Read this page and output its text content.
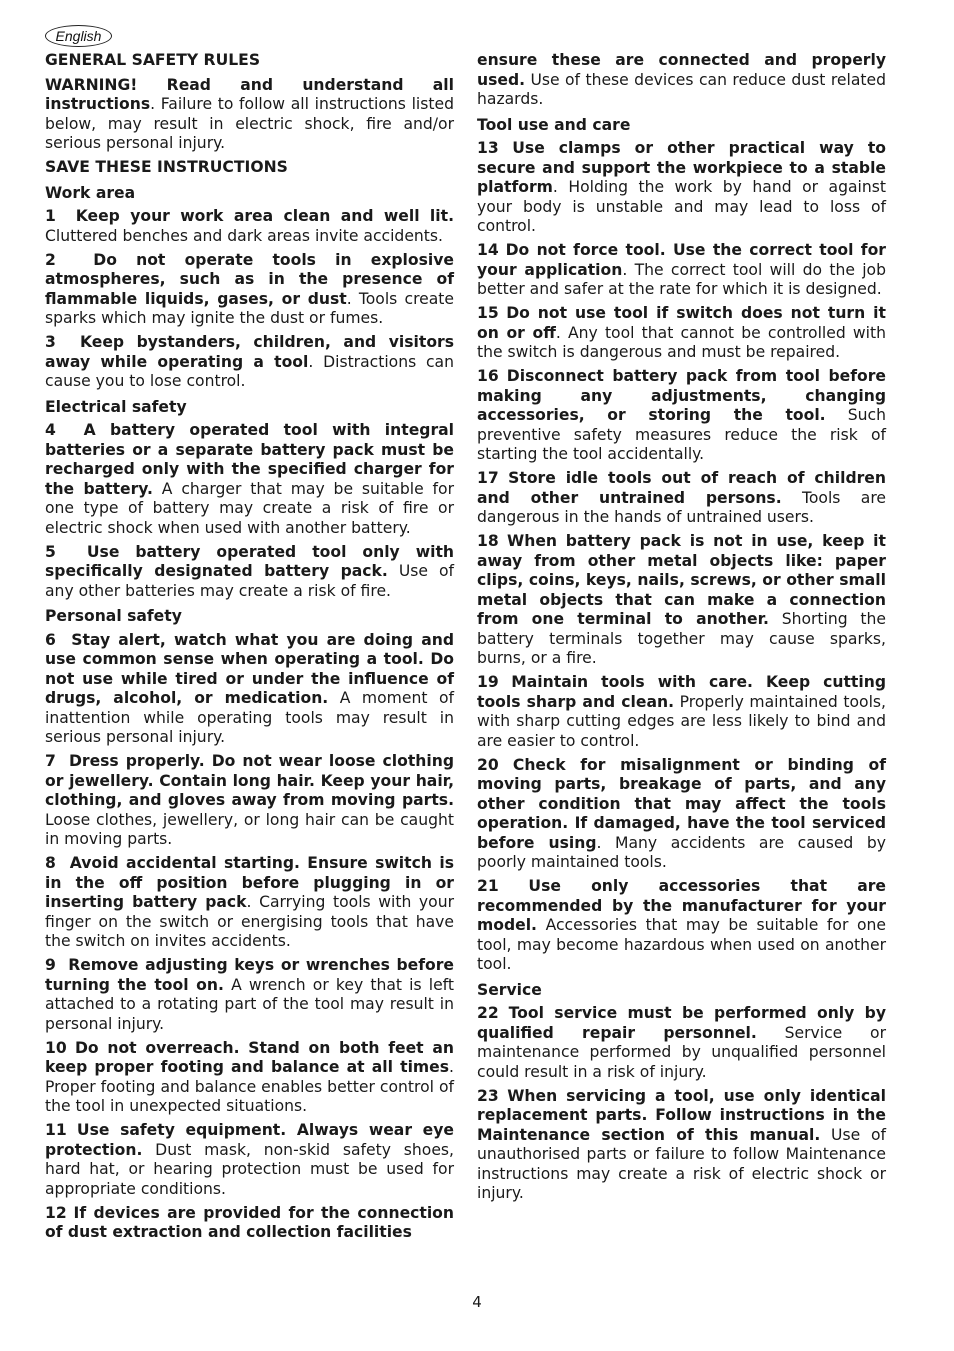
English
GENERAL SAFETY RULES

WARNING! Read and understand all instructions. Failure to follow all instructions listed below, may result in electric shock, fire and/or serious personal injury.

SAVE THESE INSTRUCTIONS
Work area

1 Keep your work area clean and well lit. Cluttered benches and dark areas invite accidents.

2 Do not operate tools in explosive atmospheres, such as in the presence of flammable liquids, gases, or dust. Tools create sparks which may ignite the dust or fumes.

3 Keep bystanders, children, and visitors away while operating a tool. Distractions can cause you to lose control.

Electrical safety

4 A battery operated tool with integral batteries or a separate battery pack must be recharged only with the specified charger for the battery. A charger that may be suitable for one type of battery may create a risk of fire or electric shock when used with another battery.

5 Use battery operated tool only with specifically designated battery pack. Use of any other batteries may create a risk of fire.

Personal safety

6 Stay alert, watch what you are doing and use common sense when operating a tool. Do not use while tired or under the influence of drugs, alcohol, or medication. A moment of inattention while operating tools may result in serious personal injury.

7 Dress properly. Do not wear loose clothing or jewellery. Contain long hair. Keep your hair, clothing, and gloves away from moving parts. Loose clothes, jewellery, or long hair can be caught in moving parts.

8 Avoid accidental starting. Ensure switch is in the off position before plugging in or inserting battery pack. Carrying tools with your finger on the switch or energising tools that have the switch on invites accidents.

9 Remove adjusting keys or wrenches before turning the tool on. A wrench or key that is left attached to a rotating part of the tool may result in personal injury.

10 Do not overreach. Stand on both feet an keep proper footing and balance at all times. Proper footing and balance enables better control of the tool in unexpected situations.

11 Use safety equipment. Always wear eye protection. Dust mask, non-skid safety shoes, hard hat, or hearing protection must be used for appropriate conditions.

12 If devices are provided for the connection of dust extraction and collection facilities

ensure these are connected and properly used. Use of these devices can reduce dust related hazards.

Tool use and care

13 Use clamps or other practical way to secure and support the workpiece to a stable platform. Holding the work by hand or against your body is unstable and may lead to loss of control.

14 Do not force tool. Use the correct tool for your application. The correct tool will do the job better and safer at the rate for which it is designed.

15 Do not use tool if switch does not turn it on or off. Any tool that cannot be controlled with the switch is dangerous and must be repaired.

16 Disconnect battery pack from tool before making any adjustments, changing accessories, or storing the tool. Such preventive safety measures reduce the risk of starting the tool accidentally.

17 Store idle tools out of reach of children and other untrained persons. Tools are dangerous in the hands of untrained users.

18 When battery pack is not in use, keep it away from other metal objects like: paper clips, coins, keys, nails, screws, or other small metal objects that can make a connection from one terminal to another. Shorting the battery terminals together may cause sparks, burns, or a fire.

19 Maintain tools with care. Keep cutting tools sharp and clean. Properly maintained tools, with sharp cutting edges are less likely to bind and are easier to control.

20 Check for misalignment or binding of moving parts, breakage of parts, and any other condition that may affect the tools operation. If damaged, have the tool serviced before using. Many accidents are caused by poorly maintained tools.

21 Use only accessories that are recommended by the manufacturer for your model. Accessories that may be suitable for one tool, may become hazardous when used on another tool.

Service

22 Tool service must be performed only by qualified repair personnel. Service or maintenance performed by unqualified personnel could result in a risk of injury.

23 When servicing a tool, use only identical replacement parts. Follow instructions in the Maintenance section of this manual. Use of unauthorised parts or failure to follow Maintenance instructions may create a risk of electric shock or injury.

4
